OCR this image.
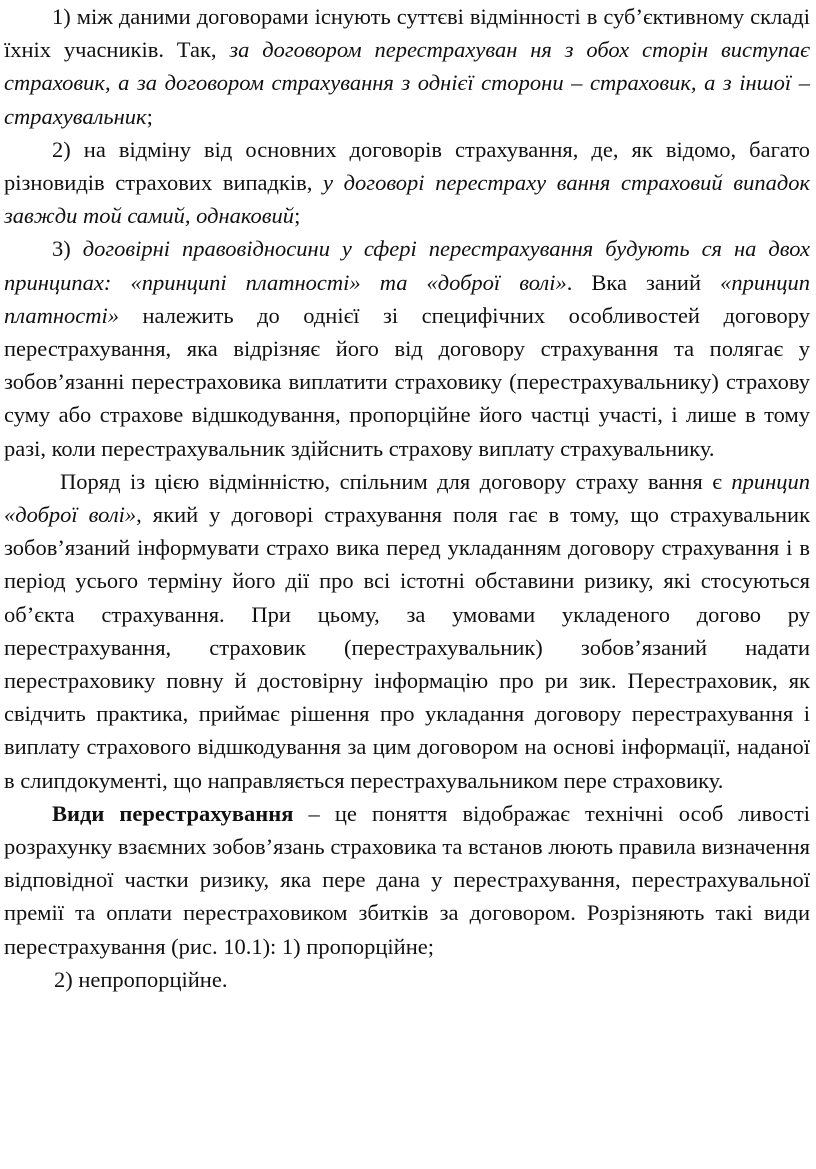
1) між даними договорами існують суттєві відмінності в суб’єктивному складі їхніх учасників. Так, за договором перестрахуван ня з обох сторін виступає страховик, а за договором страхування з однієї сторони – страховик, а з іншої – страхувальник;

2) на відміну від основних договорів страхування, де, як відомо, багато різновидів страхових випадків, у договорі перестраху вання страховий випадок завжди той самий, однаковий;

3) договірні правовідносини у сфері перестрахування будують ся на двох принципах: «принципі платності» та «доброї волі». Вка заний «принцип платності» належить до однієї зі специфічних особливостей договору перестрахування, яка відрізняє його від договору страхування та полягає у зобов’язанні перестраховика виплатити страховику (перестрахувальнику) страхову суму або страхове відшкодування, пропорційне його частці участі, і лише в тому разі, коли перестрахувальник здійснить страхову виплату страхувальнику.

Поряд із цією відмінністю, спільним для договору страху вання є принцип «доброї волі», який у договорі страхування поля гає в тому, що страхувальник зобов’язаний інформувати страхо вика перед укладанням договору страхування і в період усього терміну його дії про всі істотні обставини ризику, які стосуються об’єкта страхування. При цьому, за умовами укладеного догово ру перестрахування, страховик (перестрахувальник) зобов’язаний надати перестраховику повну й достовірну інформацію про ри зик. Перестраховик, як свідчить практика, приймає рішення про укладання договору перестрахування і виплату страхового відшкодування за цим договором на основі інформації, наданої в слипдокументі, що направляється перестрахувальником пере страховику.

Види перестрахування – це поняття відображає технічні особ ливості розрахунку взаємних зобов’язань страховика та встанов люють правила визначення відповідної частки ризику, яка пере дана у перестрахування, перестрахувальної премії та оплати перестраховиком збитків за договором. Розрізняють такі види перестрахування (рис. 10.1): 1) пропорційне;

2) непропорційне.
